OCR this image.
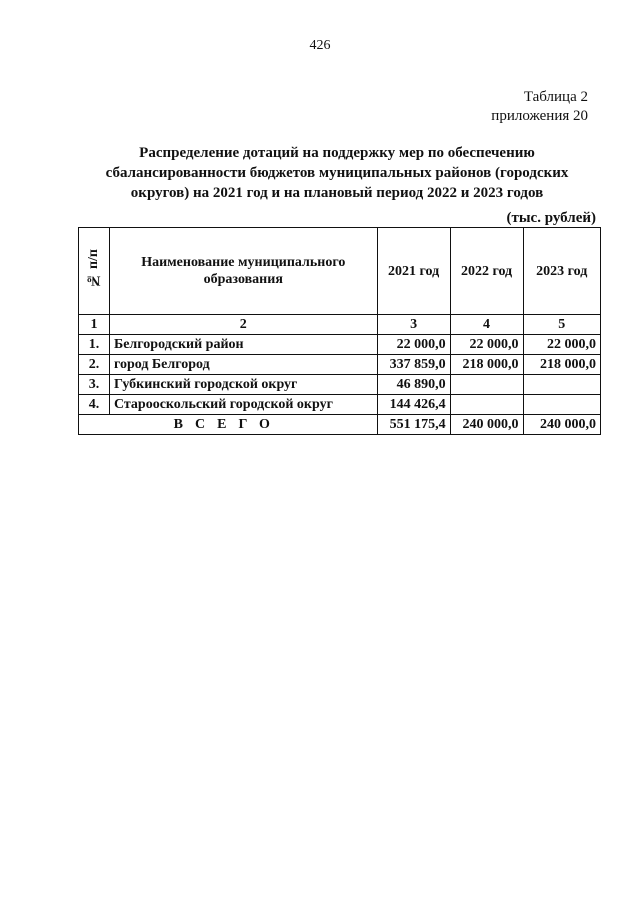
426
Таблица 2
приложения 20
Распределение дотаций на поддержку мер по обеспечению
сбалансированности бюджетов муниципальных районов (городских
округов) на 2021 год и на плановый период 2022 и 2023 годов
(тыс. рублей)
№ п/п	Наименование муниципального образования	2021 год	2022 год	2023 год
1	2	3	4	5
1.	Белгородский район	22 000,0	22 000,0	22 000,0
2.	город Белгород	337 859,0	218 000,0	218 000,0
3.	Губкинский городской округ	46 890,0		
4.	Старооскольский городской округ	144 426,4		
ВСЕГО		551 175,4	240 000,0	240 000,0
